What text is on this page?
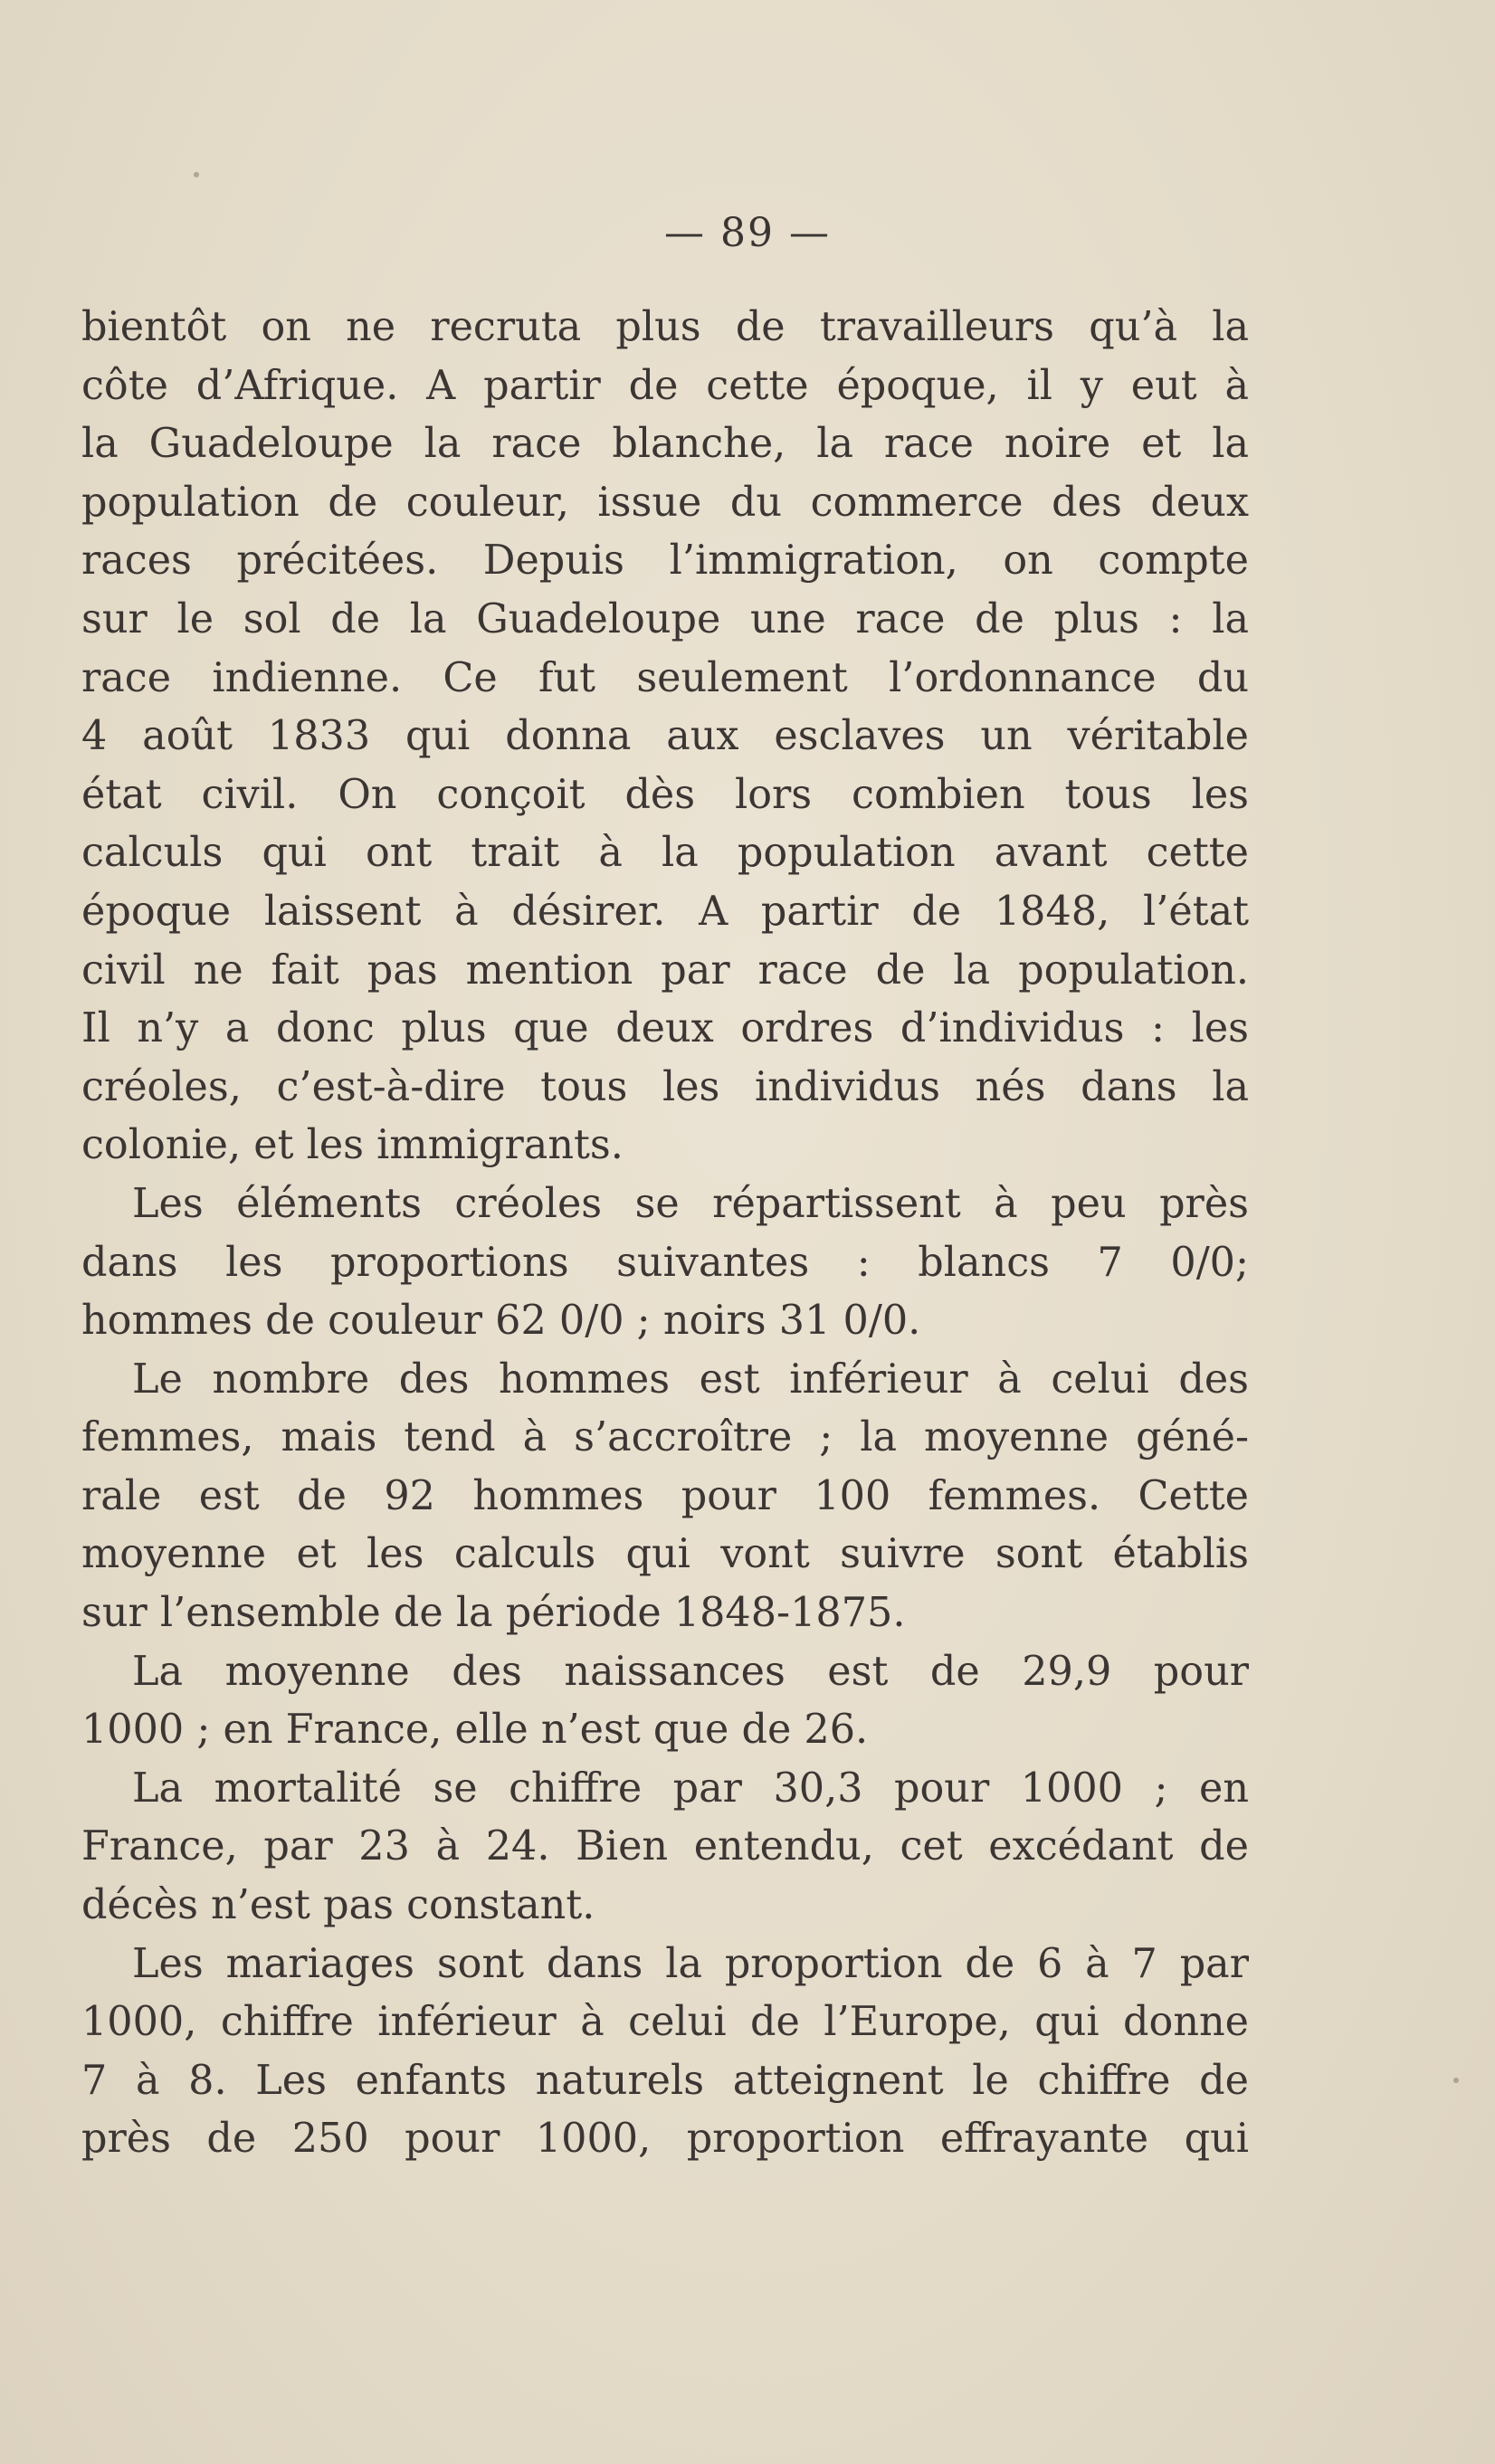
— 89 —
bientôt on ne recruta plus de travailleurs qu’à la
côte d’Afrique. A partir de cette époque, il y eut à
la Guadeloupe la race blanche, la race noire et la
population de couleur, issue du commerce des deux
races précitées. Depuis l’immigration, on compte
sur le sol de la Guadeloupe une race de plus : la
race indienne. Ce fut seulement l’ordonnance du
4 août 1833 qui donna aux esclaves un véritable
état civil. On conçoit dès lors combien tous les
calculs qui ont trait à la population avant cette
époque laissent à désirer. A partir de 1848, l’état
civil ne fait pas mention par race de la population.
Il n’y a donc plus que deux ordres d’individus : les
créoles, c’est-à-dire tous les individus nés dans la
colonie, et les immigrants.
Les éléments créoles se répartissent à peu près
dans les proportions suivantes : blancs 7 0/0;
hommes de couleur 62 0/0 ; noirs 31 0/0.
Le nombre des hommes est inférieur à celui des
femmes, mais tend à s’accroître ; la moyenne géné-
rale est de 92 hommes pour 100 femmes. Cette
moyenne et les calculs qui vont suivre sont établis
sur l’ensemble de la période 1848-1875.
La moyenne des naissances est de 29,9 pour
1000 ; en France, elle n’est que de 26.
La mortalité se chiffre par 30,3 pour 1000 ; en
France, par 23 à 24. Bien entendu, cet excédant de
décès n’est pas constant.
Les mariages sont dans la proportion de 6 à 7 par
1000, chiffre inférieur à celui de l’Europe, qui donne
7 à 8. Les enfants naturels atteignent le chiffre de
près de 250 pour 1000, proportion effrayante qui
